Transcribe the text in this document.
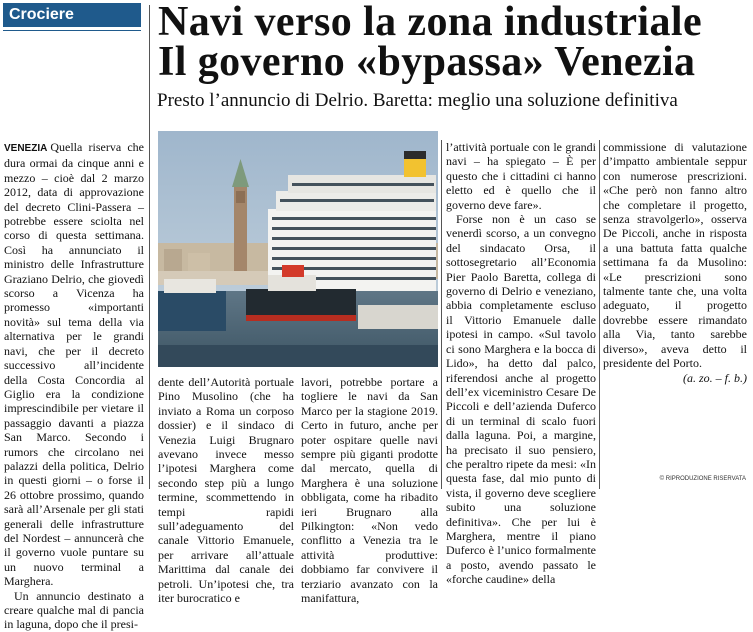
Crociere	Navi verso la zona industriale
Il governo «bypassa» Venezia
Presto l’annuncio di Delrio. Baretta: meglio una soluzione definitiva

VENEZIA Quella riserva che dura ormai da cinque anni e mezzo – cioè dal 2 marzo 2012, data di approvazione del decreto Clini-Passera – potrebbe essere sciolta nel corso di questa settimana. Così ha annunciato il ministro delle Infrastrutture Graziano Delrio, che giovedì scorso a Vicenza ha promesso «importanti novità» sul tema della via alternativa per le grandi navi, che per il decreto successivo all’incidente della Costa Concordia al Giglio era la condizione imprescindibile per vietare il passaggio davanti a piazza San Marco. Secondo i rumors che circolano nei palazzi della politica, Delrio in questi giorni – o forse il 26 ottobre prossimo, quando sarà all’Arsenale per gli stati generali delle infrastrutture del Nordest – annuncerà che il governo vuole puntare su un nuovo terminal a Marghera.

Un annuncio destinato a creare qualche mal di pancia in laguna, dopo che il presi-

dente dell’Autorità portuale Pino Musolino (che ha inviato a Roma un corposo dossier) e il sindaco di Venezia Luigi Brugnaro avevano invece messo l’ipotesi Marghera come secondo step più a lungo termine, scommettendo in tempi rapidi sull’adeguamento del canale Vittorio Emanuele, per arrivare all’attuale Marittima dal canale dei petroli. Un’ipotesi che, tra iter burocratico e

lavori, potrebbe portare a togliere le navi da San Marco per la stagione 2019. Certo in futuro, anche per poter ospitare quelle navi sempre più giganti prodotte dal mercato, quella di Marghera è una soluzione obbligata, come ha ribadito ieri Brugnaro alla Pilkington: «Non vedo conflitto a Venezia tra le attività produttive: dobbiamo far convivere il terziario avanzato con la manifattura,

l’attività portuale con le grandi navi – ha spiegato – È per questo che i cittadini ci hanno eletto ed è quello che il governo deve fare».

Forse non è un caso se venerdì scorso, a un convegno del sindacato Orsa, il sottosegretario all’Economia Pier Paolo Baretta, collega di governo di Delrio e veneziano, abbia completamente escluso il Vittorio Emanuele dalle ipotesi in campo. «Sul tavolo ci sono Marghera e la bocca di Lido», ha detto dal palco, riferendosi anche al progetto dell’ex viceministro Cesare De Piccoli e dell’azienda Duferco di un terminal di scalo fuori dalla laguna. Poi, a margine, ha precisato il suo pensiero, che peraltro ripete da mesi: «In questa fase, dal mio punto di vista, il governo deve scegliere subito una soluzione definitiva». Che per lui è Marghera, mentre il piano Duferco è l’unico formalmente a posto, avendo passato le «forche caudine» della

commissione di valutazione d’impatto ambientale seppur con numerose prescrizioni. «Che però non fanno altro che completare il progetto, senza stravolgerlo», osserva De Piccoli, anche in risposta a una battuta fatta qualche settimana fa da Musolino: «Le prescrizioni sono talmente tante che, una volta adeguato, il progetto dovrebbe essere rimandato alla Via, tanto sarebbe diverso», aveva detto il presidente del Porto.
(a. zo. – f. b.)

© RIPRODUZIONE RISERVATA
